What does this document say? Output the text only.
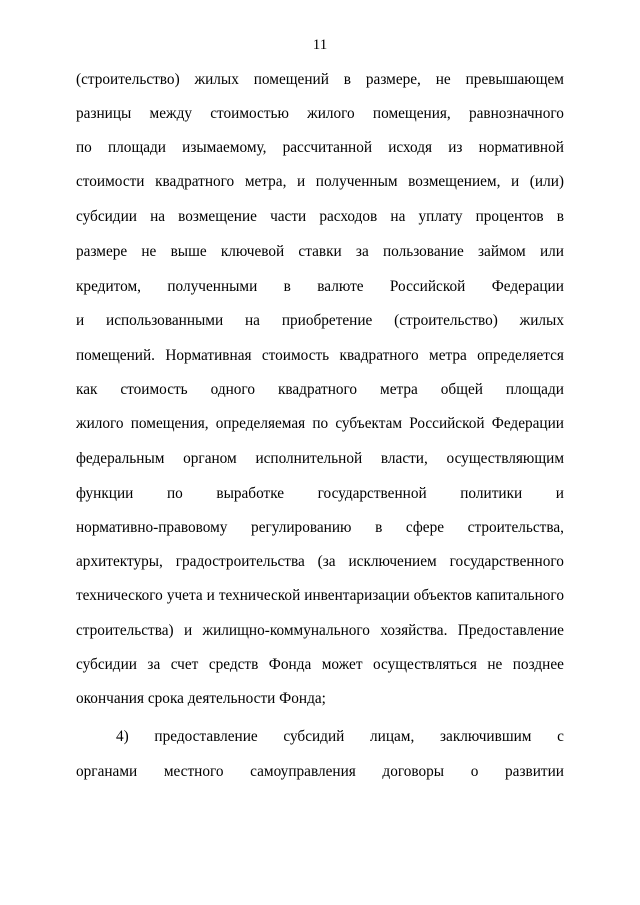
11
(строительство) жилых помещений в размере, не превышающем
разницы между стоимостью жилого помещения, равнозначного
по площади изымаемому, рассчитанной исходя из нормативной
стоимости квадратного метра, и полученным возмещением, и (или)
субсидии на возмещение части расходов на уплату процентов в
размере не выше ключевой ставки за пользование займом или
кредитом, полученными в валюте Российской Федерации
и использованными на приобретение (строительство) жилых
помещений. Нормативная стоимость квадратного метра определяется
как стоимость одного квадратного метра общей площади
жилого помещения, определяемая по субъектам Российской Федерации
федеральным органом исполнительной власти, осуществляющим
функции по выработке государственной политики и
нормативно-правовому регулированию в сфере строительства,
архитектуры, градостроительства (за исключением государственного
технического учета и технической инвентаризации объектов капитального
строительства) и жилищно-коммунального хозяйства. Предоставление
субсидии за счет средств Фонда может осуществляться не позднее
окончания срока деятельности Фонда;
4) предоставление субсидий лицам, заключившим с
органами местного самоуправления договоры о развитии
